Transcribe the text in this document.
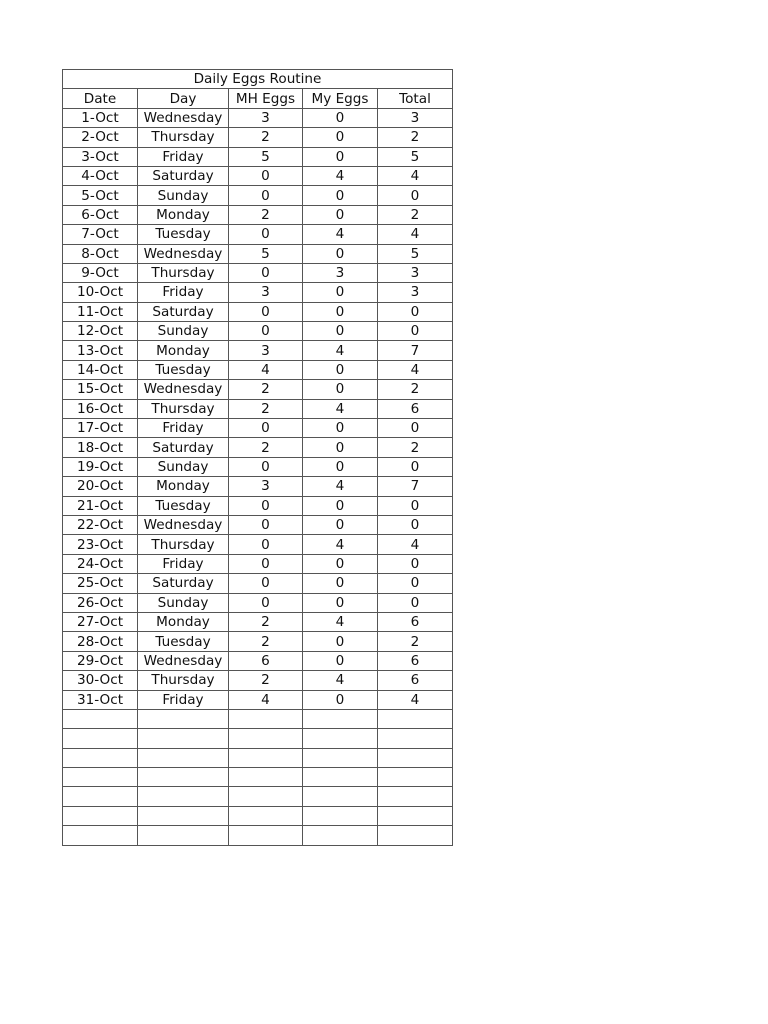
Daily Eggs Routine				
Date	Day	MH Eggs	My Eggs	Total
1-Oct	Wednesday	3	0	3
2-Oct	Thursday	2	0	2
3-Oct	Friday	5	0	5
4-Oct	Saturday	0	4	4
5-Oct	Sunday	0	0	0
6-Oct	Monday	2	0	2
7-Oct	Tuesday	0	4	4
8-Oct	Wednesday	5	0	5
9-Oct	Thursday	0	3	3
10-Oct	Friday	3	0	3
11-Oct	Saturday	0	0	0
12-Oct	Sunday	0	0	0
13-Oct	Monday	3	4	7
14-Oct	Tuesday	4	0	4
15-Oct	Wednesday	2	0	2
16-Oct	Thursday	2	4	6
17-Oct	Friday	0	0	0
18-Oct	Saturday	2	0	2
19-Oct	Sunday	0	0	0
20-Oct	Monday	3	4	7
21-Oct	Tuesday	0	0	0
22-Oct	Wednesday	0	0	0
23-Oct	Thursday	0	4	4
24-Oct	Friday	0	0	0
25-Oct	Saturday	0	0	0
26-Oct	Sunday	0	0	0
27-Oct	Monday	2	4	6
28-Oct	Tuesday	2	0	2
29-Oct	Wednesday	6	0	6
30-Oct	Thursday	2	4	6
31-Oct	Friday	4	0	4
